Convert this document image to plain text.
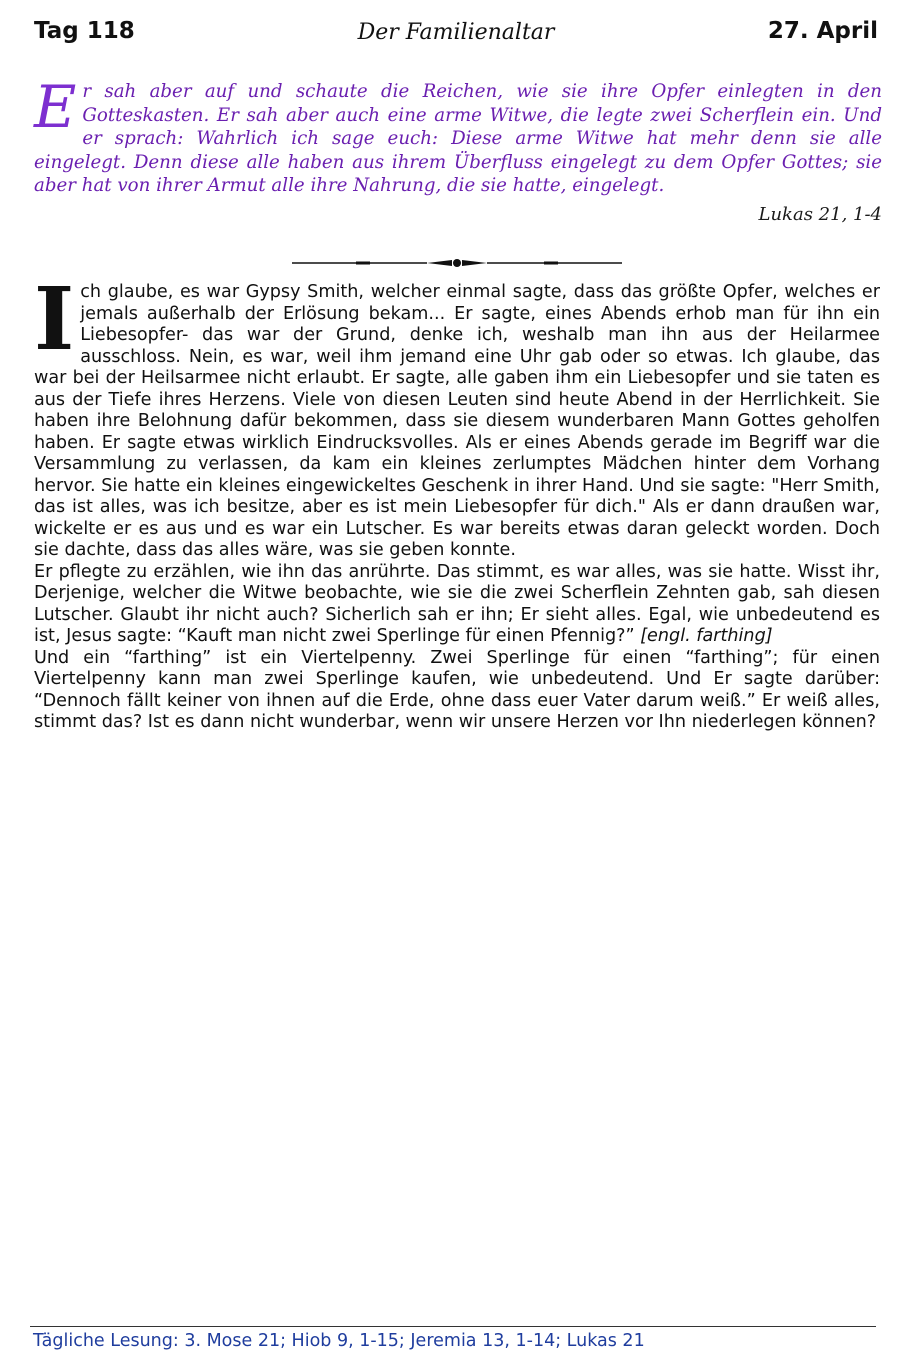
Tag 118	Der Familienaltar	27. April
E r sah aber auf und schaute die Reichen, wie sie ihre Opfer einlegten in den Gotteskasten. Er sah aber auch eine arme Witwe, die legte zwei Scherflein ein. Und er sprach: Wahrlich ich sage euch: Diese arme Witwe hat mehr denn sie alle eingelegt. Denn diese alle haben aus ihrem Überfluss eingelegt zu dem Opfer Gottes; sie aber hat von ihrer Armut alle ihre Nahrung, die sie hatte, eingelegt.

Lukas 21, 1-4

I ch glaube, es war Gypsy Smith, welcher einmal sagte, dass das größte Opfer, welches er jemals außerhalb der Erlösung bekam... Er sagte, eines Abends erhob man für ihn ein Liebesopfer- das war der Grund, denke ich, weshalb man ihn aus der Heilarmee ausschloss. Nein, es war, weil ihm jemand eine Uhr gab oder so etwas. Ich glaube, das war bei der Heilsarmee nicht erlaubt. Er sagte, alle gaben ihm ein Liebesopfer und sie taten es aus der Tiefe ihres Herzens. Viele von diesen Leuten sind heute Abend in der Herrlichkeit. Sie haben ihre Belohnung dafür bekommen, dass sie diesem wunderbaren Mann Gottes geholfen haben. Er sagte etwas wirklich Eindrucksvolles. Als er eines Abends gerade im Begriff war die Versammlung zu verlassen, da kam ein kleines zerlumptes Mädchen hinter dem Vorhang hervor. Sie hatte ein kleines eingewickeltes Geschenk in ihrer Hand. Und sie sagte: "Herr Smith, das ist alles, was ich besitze, aber es ist mein Liebesopfer für dich." Als er dann draußen war, wickelte er es aus und es war ein Lutscher. Es war bereits etwas daran geleckt worden. Doch sie dachte, dass das alles wäre, was sie geben konnte.

Er pflegte zu erzählen, wie ihn das anrührte. Das stimmt, es war alles, was sie hatte. Wisst ihr, Derjenige, welcher die Witwe beobachte, wie sie die zwei Scherflein Zehnten gab, sah diesen Lutscher. Glaubt ihr nicht auch? Sicherlich sah er ihn; Er sieht alles. Egal, wie unbedeutend es ist, Jesus sagte: “Kauft man nicht zwei Sperlinge für einen Pfennig?” [engl. farthing]

Und ein “farthing” ist ein Viertelpenny. Zwei Sperlinge für einen “farthing”; für einen Viertelpenny kann man zwei Sperlinge kaufen, wie unbedeutend. Und Er sagte darüber: “Dennoch fällt keiner von ihnen auf die Erde, ohne dass euer Vater darum weiß.” Er weiß alles, stimmt das? Ist es dann nicht wunderbar, wenn wir unsere Herzen vor Ihn niederlegen können?

Tägliche Lesung: 3. Mose 21; Hiob 9, 1-15; Jeremia 13, 1-14; Lukas 21
